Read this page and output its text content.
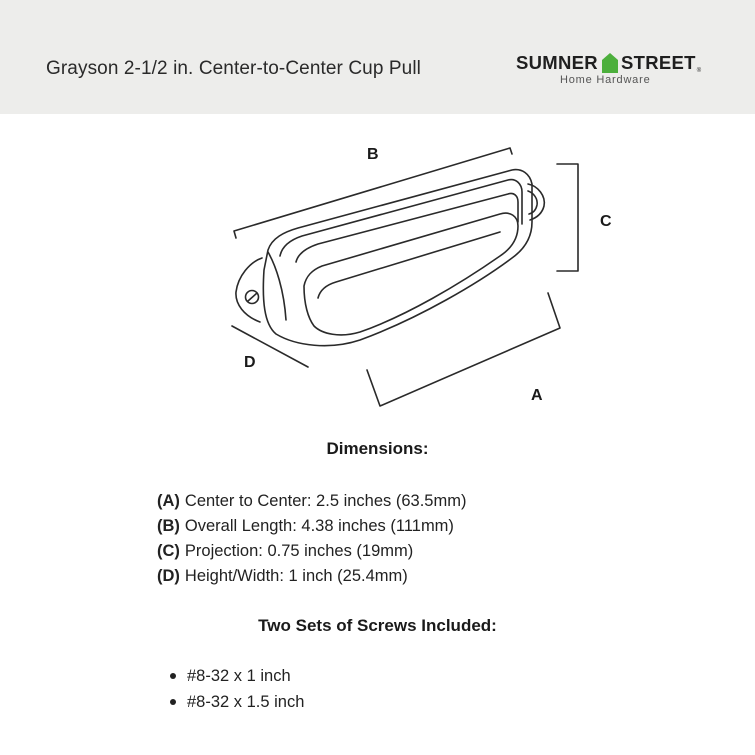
Grayson 2-1/2 in. Center-to-Center Cup Pull	SUMNER $STREET_®$
Home Hardware
B
C
D
A
Dimensions:
(A) Center to Center: 2.5 inches (63.5mm)
(B) Overall Length: 4.38 inches (111mm)
(C) Projection: 0.75 inches (19mm)
(D) Height/Width: 1 inch (25.4mm)
Two Sets of Screws Included:
#8-32 x 1 inch
#8-32 x 1.5 inch
